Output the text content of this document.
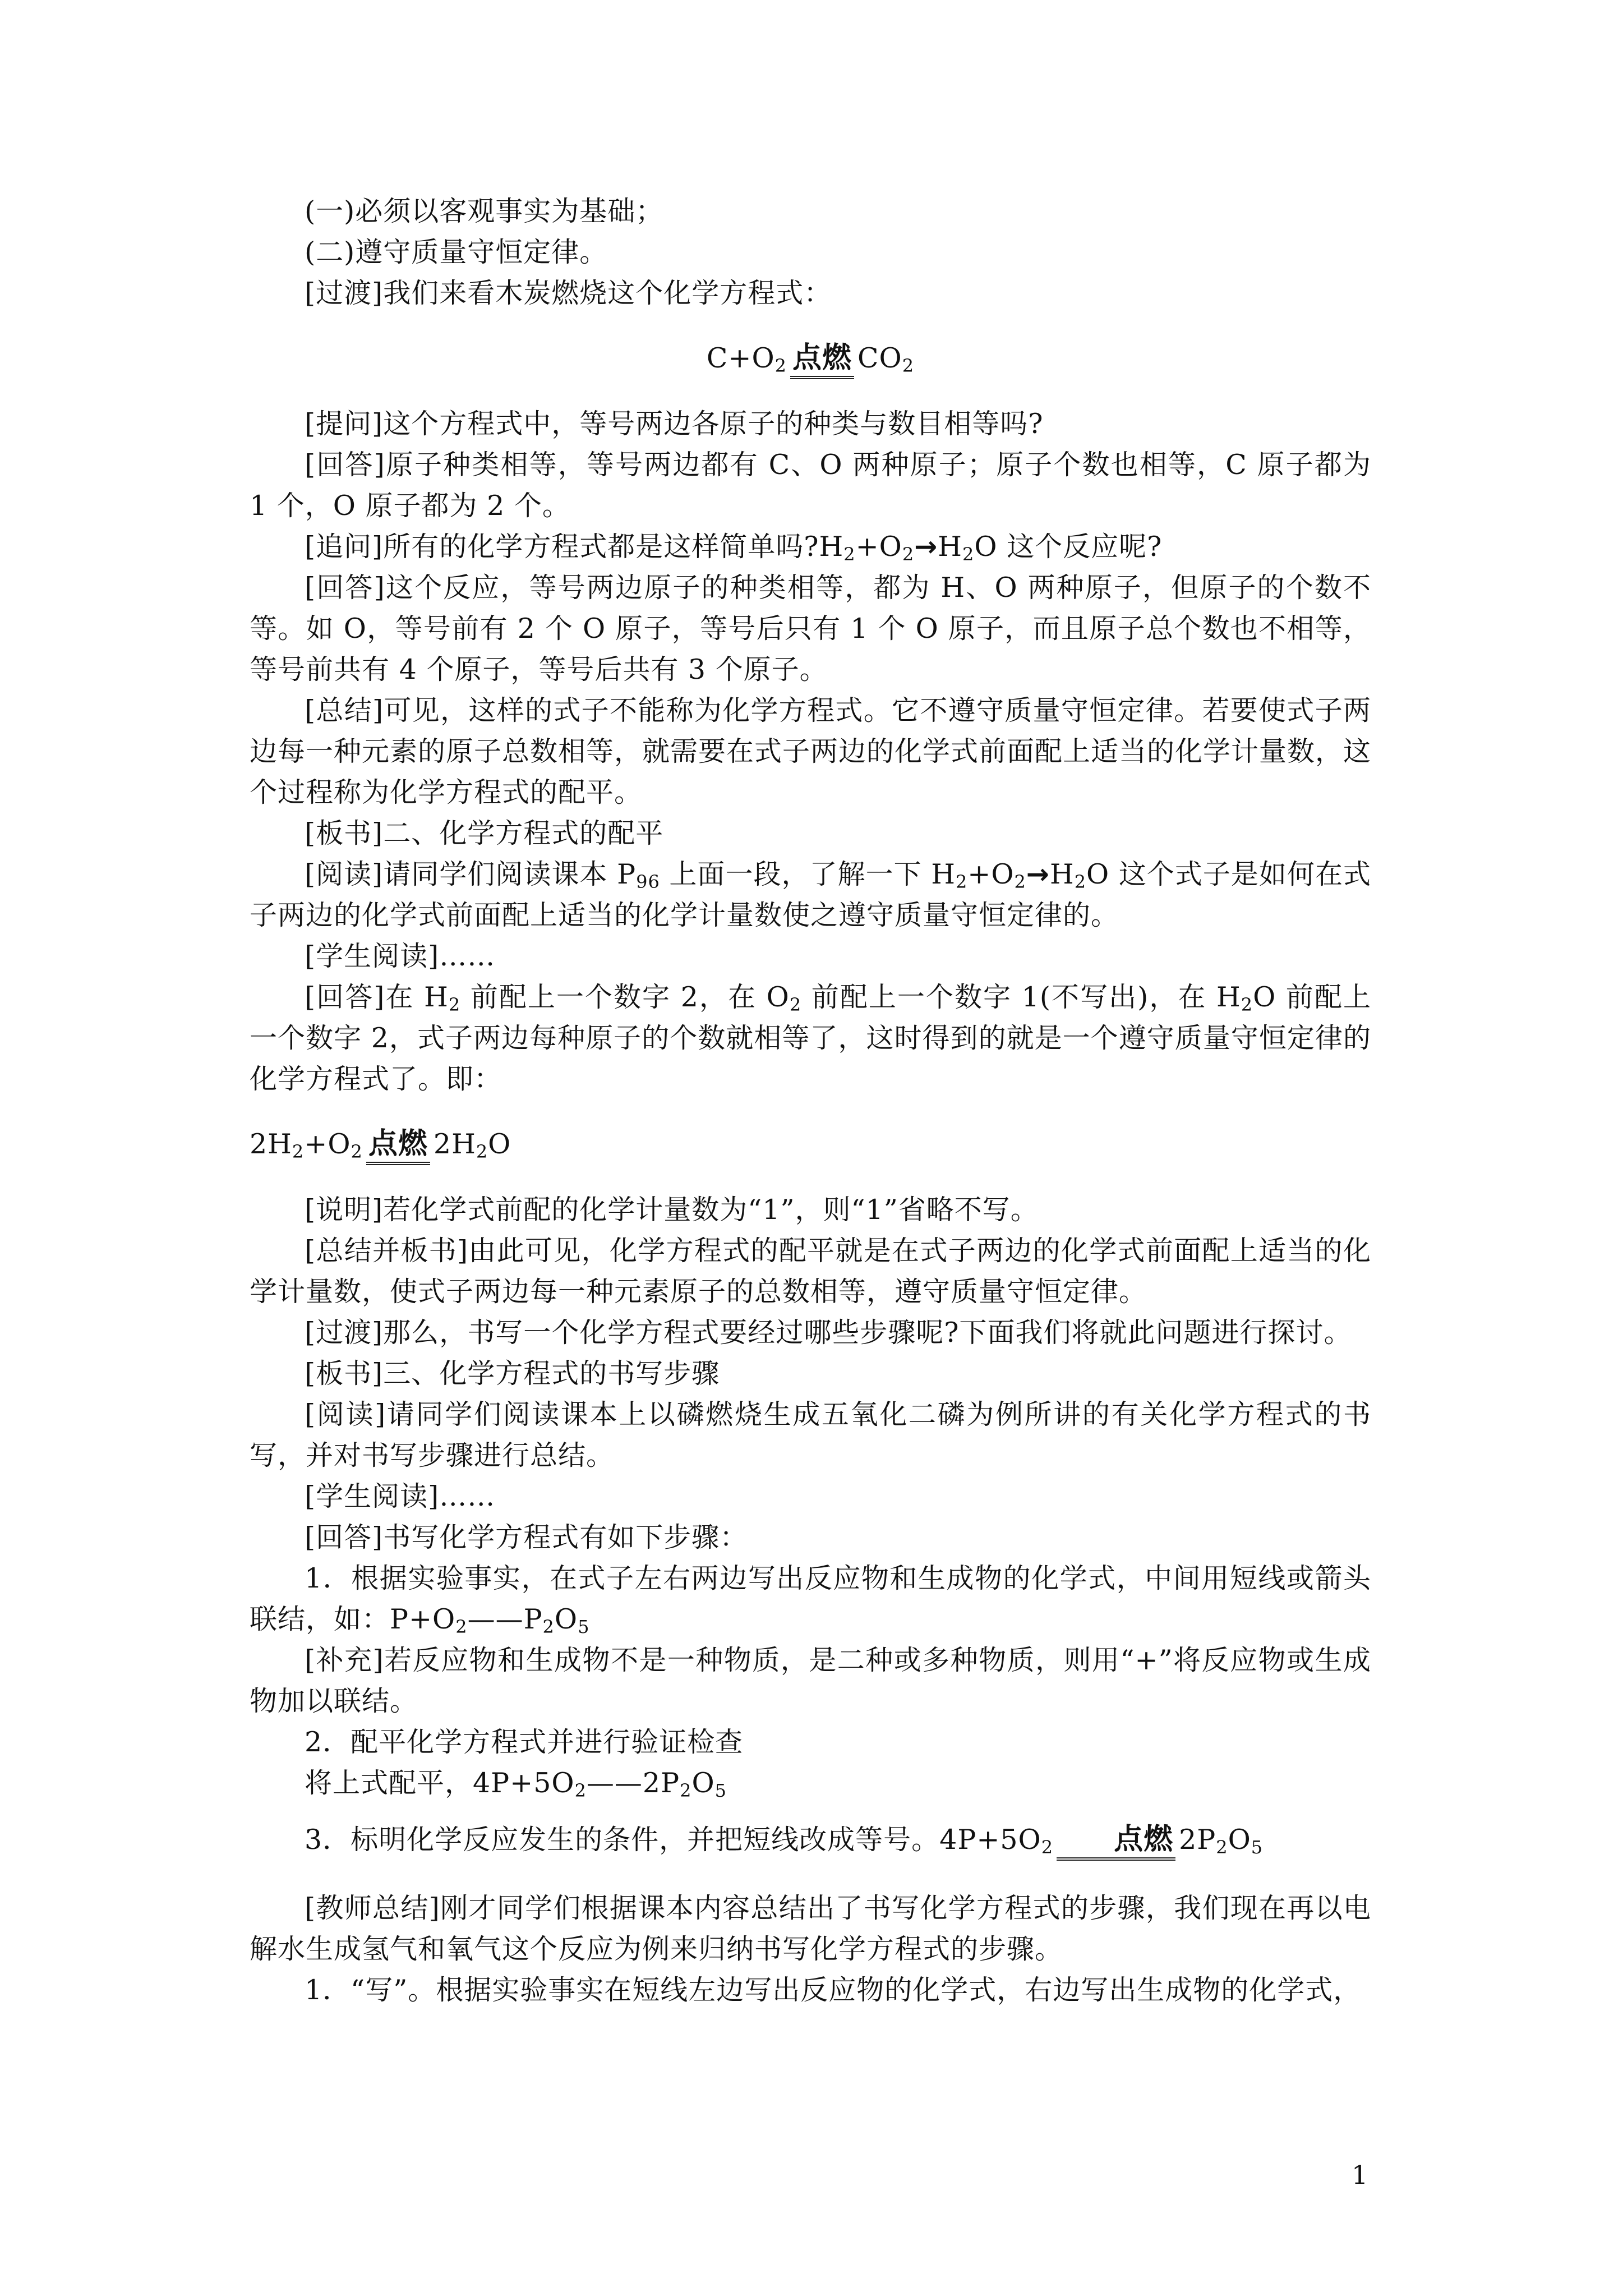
(一)必须以客观事实为基础；

(二)遵守质量守恒定律。

[过渡]我们来看木炭燃烧这个化学方程式：

$C+O_2$ 点燃 $CO_2$

[提问]这个方程式中，等号两边各原子的种类与数目相等吗?

[回答]原子种类相等，等号两边都有 C、O 两种原子；原子个数也相等，C 原子都为 1 个，O 原子都为 2 个。

[追问]所有的化学方程式都是这样简单吗$?H_2+O_2\to H_2O$ 这个反应呢?

[回答]这个反应，等号两边原子的种类相等，都为 H、O 两种原子，但原子的个数不等。如 O，等号前有 2 个 O 原子，等号后只有 1 个 O 原子，而且原子总个数也不相等，等号前共有 4 个原子，等号后共有 3 个原子。

[总结]可见，这样的式子不能称为化学方程式。它不遵守质量守恒定律。若要使式子两边每一种元素的原子总数相等，就需要在式子两边的化学式前面配上适当的化学计量数，这个过程称为化学方程式的配平。

[板书]二、化学方程式的配平

[阅读]请同学们阅读课本 $P_{96}$ 上面一段，了解一下 $H_2+O_2\to H_2O$ 这个式子是如何在式子两边的化学式前面配上适当的化学计量数使之遵守质量守恒定律的。

[学生阅读]……

[回答]在 $H_2$ 前配上一个数字 2，在 $O_2$ 前配上一个数字 1(不写出)，在 $H_2O$ 前配上一个数字 2，式子两边每种原子的个数就相等了，这时得到的就是一个遵守质量守恒定律的化学方程式了。即：

$2H_2+O_2$ 点燃 $2H_2O$

[说明]若化学式前配的化学计量数为“1”，则“1”省略不写。

[总结并板书]由此可见，化学方程式的配平就是在式子两边的化学式前面配上适当的化学计量数，使式子两边每一种元素原子的总数相等，遵守质量守恒定律。

[过渡]那么，书写一个化学方程式要经过哪些步骤呢?下面我们将就此问题进行探讨。

[板书]三、化学方程式的书写步骤

[阅读]请同学们阅读课本上以磷燃烧生成五氧化二磷为例所讲的有关化学方程式的书写，并对书写步骤进行总结。

[学生阅读]……

[回答]书写化学方程式有如下步骤：

1．根据实验事实，在式子左右两边写出反应物和生成物的化学式，中间用短线或箭头联结，如：$P+O_2——P_2O_5$

[补充]若反应物和生成物不是一种物质，是二种或多种物质，则用“+”将反应物或生成物加以联结。

2．配平化学方程式并进行验证检查

将上式配平，$4P+5O_2——2P_2O_5$

3．标明化学反应发生的条件，并把短线改成等号。$4P+5O_2$ 点燃 $2P_2O_5$

[教师总结]刚才同学们根据课本内容总结出了书写化学方程式的步骤，我们现在再以电解水生成氢气和氧气这个反应为例来归纳书写化学方程式的步骤。

1．“写”。根据实验事实在短线左边写出反应物的化学式，右边写出生成物的化学式，

1
